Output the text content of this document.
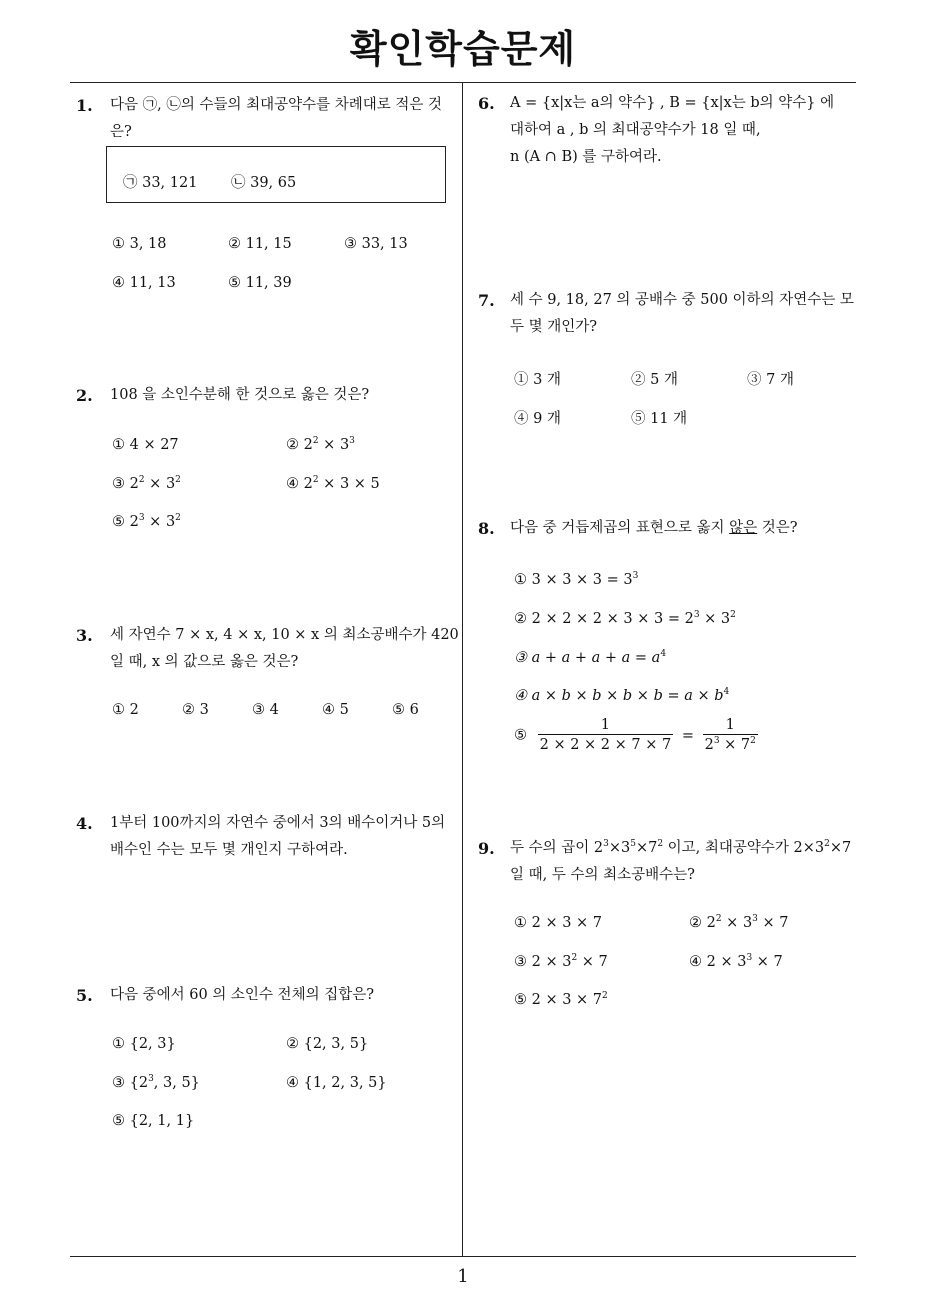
확인학습문제
1
1. 다음 ㉠, ㉡의 수들의 최대공약수를 차례대로 적은 것은?
㉠ 33, 121 ㉡ 39, 65
① 3, 18	② 11, 15	③ 33, 13
④ 11, 13	⑤ 11, 39
2. 108 을 소인수분해 한 것으로 옳은 것은?
① 4 × 27	② $2^2 \times 3^3$
③ $2^2 \times 3^2$	④ $2^2 \times 3 \times 5$
⑤ $2^3 \times 3^2$
3. 세 자연수 7 × x, 4 × x, 10 × x 의 최소공배수가 420 일 때, x 의 값으로 옳은 것은?
① 2	② 3	③ 4	④ 5	⑤ 6
4. 1부터 100까지의 자연수 중에서 3의 배수이거나 5의 배수인 수는 모두 몇 개인지 구하여라.
5. 다음 중에서 60 의 소인수 전체의 집합은?
① {2, 3}	② {2, 3, 5}
③ {$2^3$, 3, 5}	④ {1, 2, 3, 5}
⑤ {2, 1, 1}
6. A = {x|x는 a의 약수} , B = {x|x는 b의 약수} 에
대하여 a , b 의 최대공약수가 18 일 때,
n (A ∩ B) 를 구하여라.
7. 세 수 9, 18, 27 의 공배수 중 500 이하의 자연수는 모두 몇 개인가?
① 3 개	② 5 개	③ 7 개
④ 9 개	⑤ 11 개
8. 다음 중 거듭제곱의 표현으로 옳지 않은 것은?
① $3 \times 3 \times 3 = 3^3$
② $2 \times 2 \times 2 \times 3 \times 3 = 2^3 \times 3^2$
③ $a + a + a + a = a^4$
④ $a \times b \times b \times b \times b = a \times b^4$
⑤ $\frac{1}{2 \times 2 \times 2 \times 7 \times 7} = \frac{1}{2^3 \times 7^2}$
9. 두 수의 곱이 $2^3\times 3^5\times 7^2$ 이고, 최대공약수가 $2\times 3^2\times 7$
일 때, 두 수의 최소공배수는?
① 2 × 3 × 7	② $2^2 \times 3^3 \times 7$
③ $2 \times 3^2 \times 7$	④ $2 \times 3^3 \times 7$
⑤ $2 \times 3 \times 7^2$
